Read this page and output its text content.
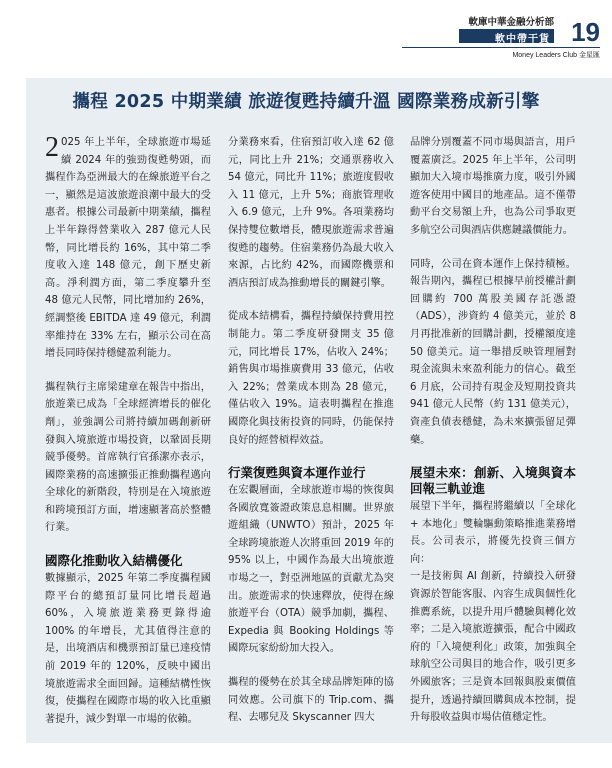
軟庫中華金融分析部
軟中帶干貨 19
Money Leaders Club 金星匯
攜程 2025 中期業績 旅遊復甦持續升溫 國際業務成新引擎

2 025 年上半年，全球旅遊市場延續 2024 年的強勁復甦勢頭，而攜程作為亞洲最大的在線旅遊平台之一，顯然是這波旅遊浪潮中最大的受惠者。根據公司最新中期業績，攜程上半年錄得營業收入 287 億元人民幣，同比增長約 16%，其中第二季度收入達 148 億元，創下歷史新高。淨利潤方面，第二季度攀升至 48 億元人民幣，同比增加約 26%，經調整後 EBITDA 達 49 億元，利潤率維持在 33% 左右，顯示公司在高增長同時保持穩健盈利能力。

攜程執行主席梁建章在報告中指出，旅遊業已成為「全球經濟增長的催化劑」，並強調公司將持續加碼創新研發與入境旅遊市場投資，以鞏固長期競爭優勢。首席執行官孫潔亦表示，國際業務的高速擴張正推動攜程邁向全球化的新階段，特別是在入境旅遊和跨境預訂方面，增速顯著高於整體行業。

國際化推動收入結構優化

數據顯示，2025 年第二季度攜程國際平台的總預訂量同比增長超過 60%，入境旅遊業務更錄得逾 100% 的年增長，尤其值得注意的是，出境酒店和機票預訂量已達疫情前 2019 年的 120%，反映中國出境旅遊需求全面回歸。這種結構性恢復，使攜程在國際市場的收入比重顯著提升，減少對單一市場的依賴。

分業務來看，住宿預訂收入達 62 億元，同比上升 21%；交通票務收入 54 億元，同比升 11%；旅遊度假收入 11 億元，上升 5%；商旅管理收入 6.9 億元，上升 9%。各項業務均保持雙位數增長，體現旅遊需求普遍復甦的趨勢。住宿業務仍為最大收入來源，占比約 42%，而國際機票和酒店預訂成為推動增長的關鍵引擎。

從成本結構看，攜程持續保持費用控制能力。第二季度研發開支 35 億元，同比增長 17%，佔收入 24%；銷售與市場推廣費用 33 億元，佔收入 22%；營業成本則為 28 億元，僅佔收入 19%。這表明攜程在推進國際化與技術投資的同時，仍能保持良好的經營槓桿效益。

行業復甦與資本運作並行

在宏觀層面，全球旅遊市場的恢復與各國放寬簽證政策息息相關。世界旅遊組織（UNWTO）預計，2025 年全球跨境旅遊人次將重回 2019 年的 95% 以上，中國作為最大出境旅遊市場之一，對亞洲地區的貢獻尤為突出。旅遊需求的快速釋放，使得在線旅遊平台（OTA）競爭加劇，攜程、Expedia 與 Booking Holdings 等國際玩家紛紛加大投入。

攜程的優勢在於其全球品牌矩陣的協同效應。公司旗下的 Trip.com、攜程、去哪兒及 Skyscanner 四大

品牌分別覆蓋不同市場與語言，用戶覆蓋廣泛。2025 年上半年，公司明顯加大入境市場推廣力度，吸引外國遊客使用中國目的地產品。這不僅帶動平台交易額上升，也為公司爭取更多航空公司與酒店供應鏈議價能力。

同時，公司在資本運作上保持積極。報告期內，攜程已根據早前授權計劃回購約 700 萬股美國存託憑證（ADS），涉資約 4 億美元，並於 8 月再批准新的回購計劃，授權額度達 50 億美元。這一舉措反映管理層對現金流與未來盈利能力的信心。截至 6 月底，公司持有現金及短期投資共 941 億元人民幣（約 131 億美元），資產負債表穩健，為未來擴張留足彈藥。

展望未來：創新、入境與資本回報三軌並進

展望下半年，攜程將繼續以「全球化 + 本地化」雙輪驅動策略推進業務增長。公司表示，將優先投資三個方向：

一是技術與 AI 創新，持續投入研發資源於智能客服、內容生成與個性化推薦系統，以提升用戶體驗與轉化效率；二是入境旅遊擴張，配合中國政府的「入境便利化」政策，加強與全球航空公司與目的地合作，吸引更多外國旅客；三是資本回報與股東價值提升，透過持續回購與成本控制，提升每股收益與市場估值穩定性。
